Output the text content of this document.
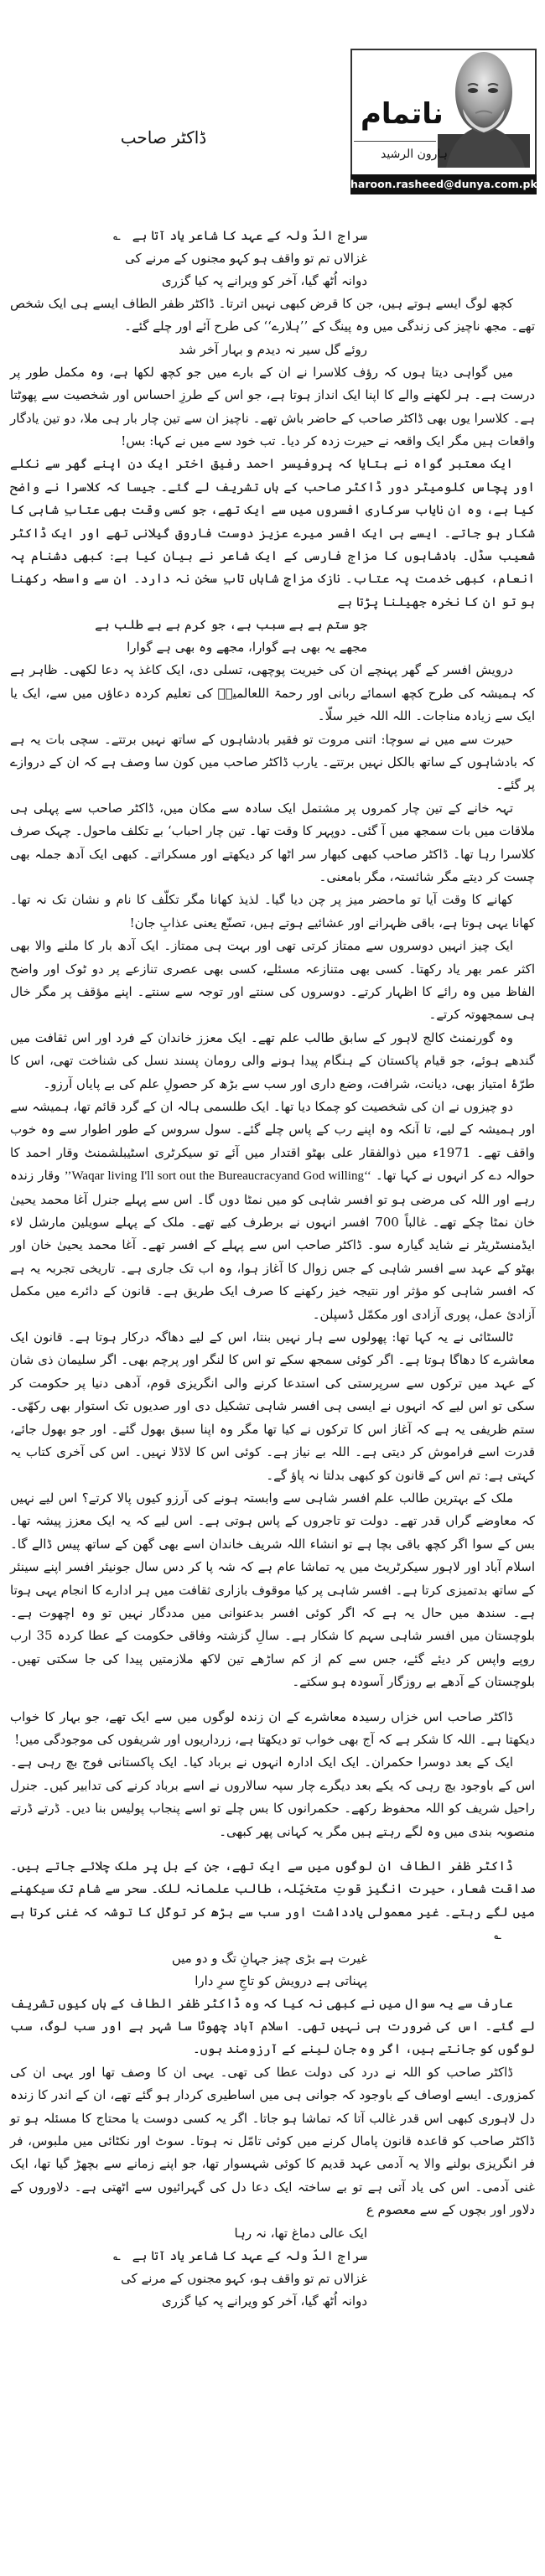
ناتمام
ہارون الرشید
haroon.rasheed@dunya.com.pk
ڈاکٹر صاحب

سراج الدّ ولہ کے عہد کا شاعر یاد آتا ہے؎

غزالاں تم تو واقف ہو کہو مجنوں کے مرنے کی
دوانہ اُٹھ گیا، آخر کو ویرانے پہ کیا گزری

کچھ لوگ ایسے ہوتے ہیں، جن کا قرض کبھی نہیں اترتا۔ ڈاکٹر ظفر الطاف ایسے ہی ایک شخص تھے۔ مجھ ناچیز کی زندگی میں وہ پینگ کے ’’ہلارے‘‘ کی طرح آئے اور چلے گئے۔

روئے گل سیر نہ دیدم و بہار آخر شد

میں گواہی دیتا ہوں کہ رؤف کلاسرا نے ان کے بارے میں جو کچھ لکھا ہے، وہ مکمل طور پر درست ہے۔ ہر لکھنے والے کا اپنا ایک انداز ہوتا ہے، جو اس کے طرزِ احساس اور شخصیت سے پھوٹتا ہے۔ کلاسرا یوں بھی ڈاکٹر صاحب کے حاضر باش تھے۔ ناچیز ان سے تین چار بار ہی ملا، دو تین یادگار واقعات ہیں مگر ایک واقعہ نے حیرت زدہ کر دیا۔ تب خود سے میں نے کہا: بس!

ایک معتبر گواہ نے بتایا کہ پروفیسر احمد رفیق اختر ایک دن اپنے گھر سے نکلے اور پچاس کلومیٹر دور ڈاکٹر صاحب کے ہاں تشریف لے گئے۔ جیسا کہ کلاسرا نے واضح کیا ہے، وہ ان نایاب سرکاری افسروں میں سے ایک تھے، جو کسی وقت بھی عتابِ شاہی کا شکار ہو جاتے۔ ایسے ہی ایک افسر میرے عزیز دوست فاروق گیلانی تھے اور ایک ڈاکٹر شعیب سڈل۔ بادشاہوں کا مزاج فارسی کے ایک شاعر نے بیان کیا ہے: کبھی دشنام پہ انعام، کبھی خدمت پہ عتاب۔ نازک مزاجِ شاہاں تابِ سخن نہ دارد۔ ان سے واسطہ رکھنا ہو تو ان کا نخرہ جھیلنا پڑتا ہے

جو ستم ہے بے سبب ہے، جو کرم ہے بے طلب ہے
مجھے یہ بھی ہے گوارا، مجھے وہ بھی ہے گوارا

درویش افسر کے گھر پہنچے ان کی خیریت پوچھی، تسلی دی، ایک کاغذ پہ دعا لکھی۔ ظاہر ہے کہ ہمیشہ کی طرح کچھ اسمائے ربانی اور رحمۃ اللعالمینؐ کی تعلیم کردہ دعاؤں میں سے، ایک یا ایک سے زیادہ مناجات۔ اللہ اللہ خیر سلّا۔

حیرت سے میں نے سوچا: اتنی مروت تو فقیر بادشاہوں کے ساتھ نہیں برتتے۔ سچی بات یہ ہے کہ بادشاہوں کے ساتھ بالکل نہیں برتتے۔ یارب ڈاکٹر صاحب میں کون سا وصف ہے کہ ان کے دروازے پر گئے۔

تہہ خانے کے تین چار کمروں پر مشتمل ایک سادہ سے مکان میں، ڈاکٹر صاحب سے پہلی ہی ملاقات میں بات سمجھ میں آ گئی۔ دوپہر کا وقت تھا۔ تین چار احباب‘ بے تکلف ماحول۔ چہک صرف کلاسرا رہا تھا۔ ڈاکٹر صاحب کبھی کبھار سر اٹھا کر دیکھتے اور مسکراتے۔ کبھی ایک آدھ جملہ بھی چست کر دیتے مگر شائستہ، مگر بامعنی۔

کھانے کا وقت آیا تو ماحضر میز پر چن دیا گیا۔ لذیذ کھانا مگر تکلّف کا نام و نشان تک نہ تھا۔ کھانا یہی ہوتا ہے، باقی ظہرانے اور عشائیے ہوتے ہیں، تصنّع یعنی عذابِ جان!

ایک چیز انہیں دوسروں سے ممتاز کرتی تھی اور بہت ہی ممتاز۔ ایک آدھ بار کا ملنے والا بھی اکثر عمر بھر یاد رکھتا۔ کسی بھی متنازعہ مسئلے، کسی بھی عصری تنازعے پر دو ٹوک اور واضح الفاظ میں وہ رائے کا اظہار کرتے۔ دوسروں کی سنتے اور توجہ سے سنتے۔ اپنے مؤقف پر مگر خال ہی سمجھوتہ کرتے۔

وہ گورنمنٹ کالج لاہور کے سابق طالب علم تھے۔ ایک معزز خاندان کے فرد اور اس ثقافت میں گندھے ہوئے، جو قیام پاکستان کے ہنگام پیدا ہونے والی رومان پسند نسل کی شناخت تھی، اس کا طرّۂ امتیاز بھی، دیانت، شرافت، وضع داری اور سب سے بڑھ کر حصولِ علم کی بے پایاں آرزو۔

دو چیزوں نے ان کی شخصیت کو چمکا دیا تھا۔ ایک طلسمی ہالہ ان کے گرد قائم تھا، ہمیشہ سے اور ہمیشہ کے لیے، تا آنکہ وہ اپنے رب کے پاس چلے گئے۔ سول سروس کے طور اطوار سے وہ خوب واقف تھے۔ 1971ء میں ذوالفقار علی بھٹو اقتدار میں آئے تو سیکرٹری اسٹیبلشمنٹ وقار احمد کا حوالہ دے کر انہوں نے کہا تھا۔ ’’Waqar living I'll sort out the Bureaucracyand God willing‘‘ وقار زندہ رہے اور اللہ کی مرضی ہو تو افسر شاہی کو میں نمٹا دوں گا۔ اس سے پہلے جنرل آغا محمد یحییٰ خان نمٹا چکے تھے۔ غالباً 700 افسر انہوں نے برطرف کیے تھے۔ ملک کے پہلے سویلین مارشل لاء ایڈمنسٹریٹر نے شاید گیارہ سو۔ ڈاکٹر صاحب اس سے پہلے کے افسر تھے۔ آغا محمد یحییٰ خان اور بھٹو کے عہد سے افسر شاہی کے جس زوال کا آغاز ہوا، وہ اب تک جاری ہے۔ تاریخی تجربہ یہ ہے کہ افسر شاہی کو مؤثر اور نتیجہ خیز رکھنے کا صرف ایک طریق ہے۔ قانون کے دائرے میں مکمل آزادیٔ عمل، پوری آزادی اور مکمّل ڈسپلن۔

ٹالسٹائی نے یہ کہا تھا: پھولوں سے ہار نہیں بنتا، اس کے لیے دھاگہ درکار ہوتا ہے۔ قانون ایک معاشرے کا دھاگا ہوتا ہے۔ اگر کوئی سمجھ سکے تو اس کا لنگر اور پرچم بھی۔ اگر سلیمان ذی شان کے عہد میں ترکوں سے سرپرستی کی استدعا کرنے والی انگریزی قوم، آدھی دنیا پر حکومت کر سکی تو اس لیے کہ انہوں نے ایسی ہی افسر شاہی تشکیل دی اور صدیوں تک استوار بھی رکھّی۔ ستم ظریفی یہ ہے کہ آغاز اس کا ترکوں نے کیا تھا مگر وہ اپنا سبق بھول گئے۔ اور جو بھول جائے، قدرت اسے فراموش کر دیتی ہے۔ اللہ بے نیاز ہے۔ کوئی اس کا لاڈلا نہیں۔ اس کی آخری کتاب یہ کہتی ہے: تم اس کے قانون کو کبھی بدلتا نہ پاؤ گے۔

ملک کے بہترین طالب علم افسر شاہی سے وابستہ ہونے کی آرزو کیوں پالا کرتے؟ اس لیے نہیں کہ معاوضے گراں قدر تھے۔ دولت تو تاجروں کے پاس ہوتی ہے۔ اس لیے کہ یہ ایک معزز پیشہ تھا۔ بس کے سوا اگر کچھ باقی بچا ہے تو انشاء اللہ شریف خاندان اسے بھی گھن کے ساتھ پیس ڈالے گا۔ اسلام آباد اور لاہور سیکرٹریٹ میں یہ تماشا عام ہے کہ شہ پا کر دس سال جونیئر افسر اپنے سینئر کے ساتھ بدتمیزی کرتا ہے۔ افسر شاہی پر کیا موقوف بازاری ثقافت میں ہر ادارے کا انجام یہی ہوتا ہے۔ سندھ میں حال یہ ہے کہ اگر کوئی افسر بدعنوانی میں مددگار نہیں تو وہ اچھوت ہے۔ بلوچستان میں افسر شاہی سہم کا شکار ہے۔ سالِ گزشتہ وفاقی حکومت کے عطا کردہ 35 ارب روپے واپس کر دیئے گئے، جس سے کم از کم ساڑھے تین لاکھ ملازمتیں پیدا کی جا سکتی تھیں۔ بلوچستان کے آدھے بے روزگار آسودہ ہو سکتے۔

ڈاکٹر صاحب اس خزاں رسیدہ معاشرے کے ان زندہ لوگوں میں سے ایک تھے، جو بہار کا خواب دیکھتا ہے۔ اللہ کا شکر ہے کہ آج بھی خواب تو دیکھتا ہے، زرداریوں اور شریفوں کی موجودگی میں!

ایک کے بعد دوسرا حکمران۔ ایک ایک ادارہ انہوں نے برباد کیا۔ ایک پاکستانی فوج بچ رہی ہے۔ اس کے باوجود بچ رہی کہ یکے بعد دیگرے چار سپہ سالاروں نے اسے برباد کرنے کی تدابیر کیں۔ جنرل راحیل شریف کو اللہ محفوظ رکھے۔ حکمرانوں کا بس چلے تو اسے پنجاب پولیس بنا دیں۔ ڈرتے ڈرتے منصوبہ بندی میں وہ لگے رہتے ہیں مگر یہ کہانی پھر کبھی۔

ڈاکٹر ظفر الطاف ان لوگوں میں سے ایک تھے، جن کے بل پر ملک چلائے جاتے ہیں۔ صداقت شعار، حیرت انگیز قوتِ متخیّلہ، طالب علمانہ للک۔ سحر سے شام تک سیکھنے میں لگے رہتے۔ غیر معمولی یادداشت اور سب سے بڑھ کر توکّل کا توشہ کہ غنی کرتا ہے؎

غیرت ہے بڑی چیز جہانِ تگ و دو میں
پہناتی ہے درویش کو تاجِ سرِ دارا

عارف سے یہ سوال میں نے کبھی نہ کیا کہ وہ ڈاکٹر ظفر الطاف کے ہاں کیوں تشریف لے گئے۔ اس کی ضرورت ہی نہیں تھی۔ اسلام آباد چھوٹا سا شہر ہے اور سب لوگ، سب لوگوں کو جانتے ہیں، اگر وہ جان لینے کے آرزومند ہوں۔

ڈاکٹر صاحب کو اللہ نے درد کی دولت عطا کی تھی۔ یہی ان کا وصف تھا اور یہی ان کی کمزوری۔ ایسے اوصاف کے باوجود کہ جوانی ہی میں اساطیری کردار ہو گئے تھے، ان کے اندر کا زندہ دل لاہوری کبھی اس قدر غالب آتا کہ تماشا ہو جاتا۔ اگر یہ کسی دوست یا محتاج کا مسئلہ ہو تو ڈاکٹر صاحب کو قاعدہ قانون پامال کرنے میں کوئی تامّل نہ ہوتا۔ سوٹ اور نکٹائی میں ملبوس، فر فر انگریزی بولنے والا یہ آدمی عہد قدیم کا کوئی شہسوار تھا، جو اپنے زمانے سے بچھڑ گیا تھا، ایک غنی آدمی۔ اس کی یاد آتی ہے تو بے ساختہ ایک دعا دل کی گہرائیوں سے اٹھتی ہے۔ دلاوروں کے دلاور اور بچوں کے سے معصوم ع

ایک عالی دماغ تھا، نہ رہا

سراج الدّ ولہ کے عہد کا شاعر یاد آتا ہے؎

غزالاں تم تو واقف ہو، کہو مجنوں کے مرنے کی
دوانہ اُٹھ گیا، آخر کو ویرانے پہ کیا گزری
